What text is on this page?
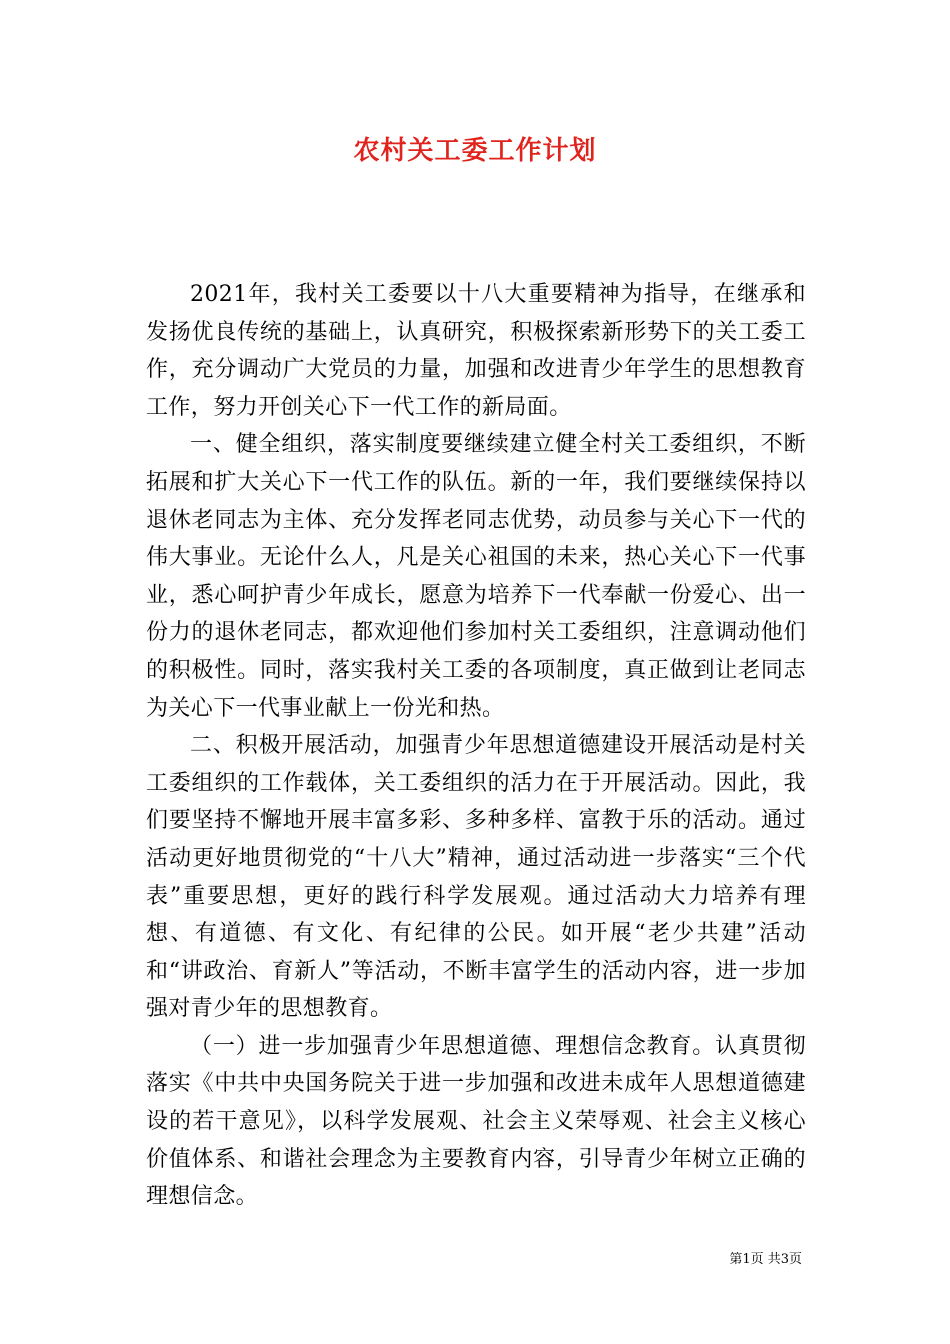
农村关工委工作计划

2021年，我村关工委要以十八大重要精神为指导，在继承和发扬优良传统的基础上，认真研究，积极探索新形势下的关工委工作，充分调动广大党员的力量，加强和改进青少年学生的思想教育工作，努力开创关心下一代工作的新局面。

一、健全组织，落实制度要继续建立健全村关工委组织，不断拓展和扩大关心下一代工作的队伍。新的一年，我们要继续保持以退休老同志为主体、充分发挥老同志优势，动员参与关心下一代的伟大事业。无论什么人，凡是关心祖国的未来，热心关心下一代事业，悉心呵护青少年成长，愿意为培养下一代奉献一份爱心、出一份力的退休老同志，都欢迎他们参加村关工委组织，注意调动他们的积极性。同时，落实我村关工委的各项制度，真正做到让老同志为关心下一代事业献上一份光和热。

二、积极开展活动，加强青少年思想道德建设开展活动是村关工委组织的工作载体，关工委组织的活力在于开展活动。因此，我们要坚持不懈地开展丰富多彩、多种多样、富教于乐的活动。通过活动更好地贯彻党的“十八大”精神，通过活动进一步落实“三个代表”重要思想，更好的践行科学发展观。通过活动大力培养有理想、有道德、有文化、有纪律的公民。如开展“老少共建”活动和“讲政治、育新人”等活动，不断丰富学生的活动内容，进一步加强对青少年的思想教育。

（一）进一步加强青少年思想道德、理想信念教育。认真贯彻落实《中共中央国务院关于进一步加强和改进未成年人思想道德建设的若干意见》，以科学发展观、社会主义荣辱观、社会主义核心价值体系、和谐社会理念为主要教育内容，引导青少年树立正确的理想信念。

第1页 共3页
